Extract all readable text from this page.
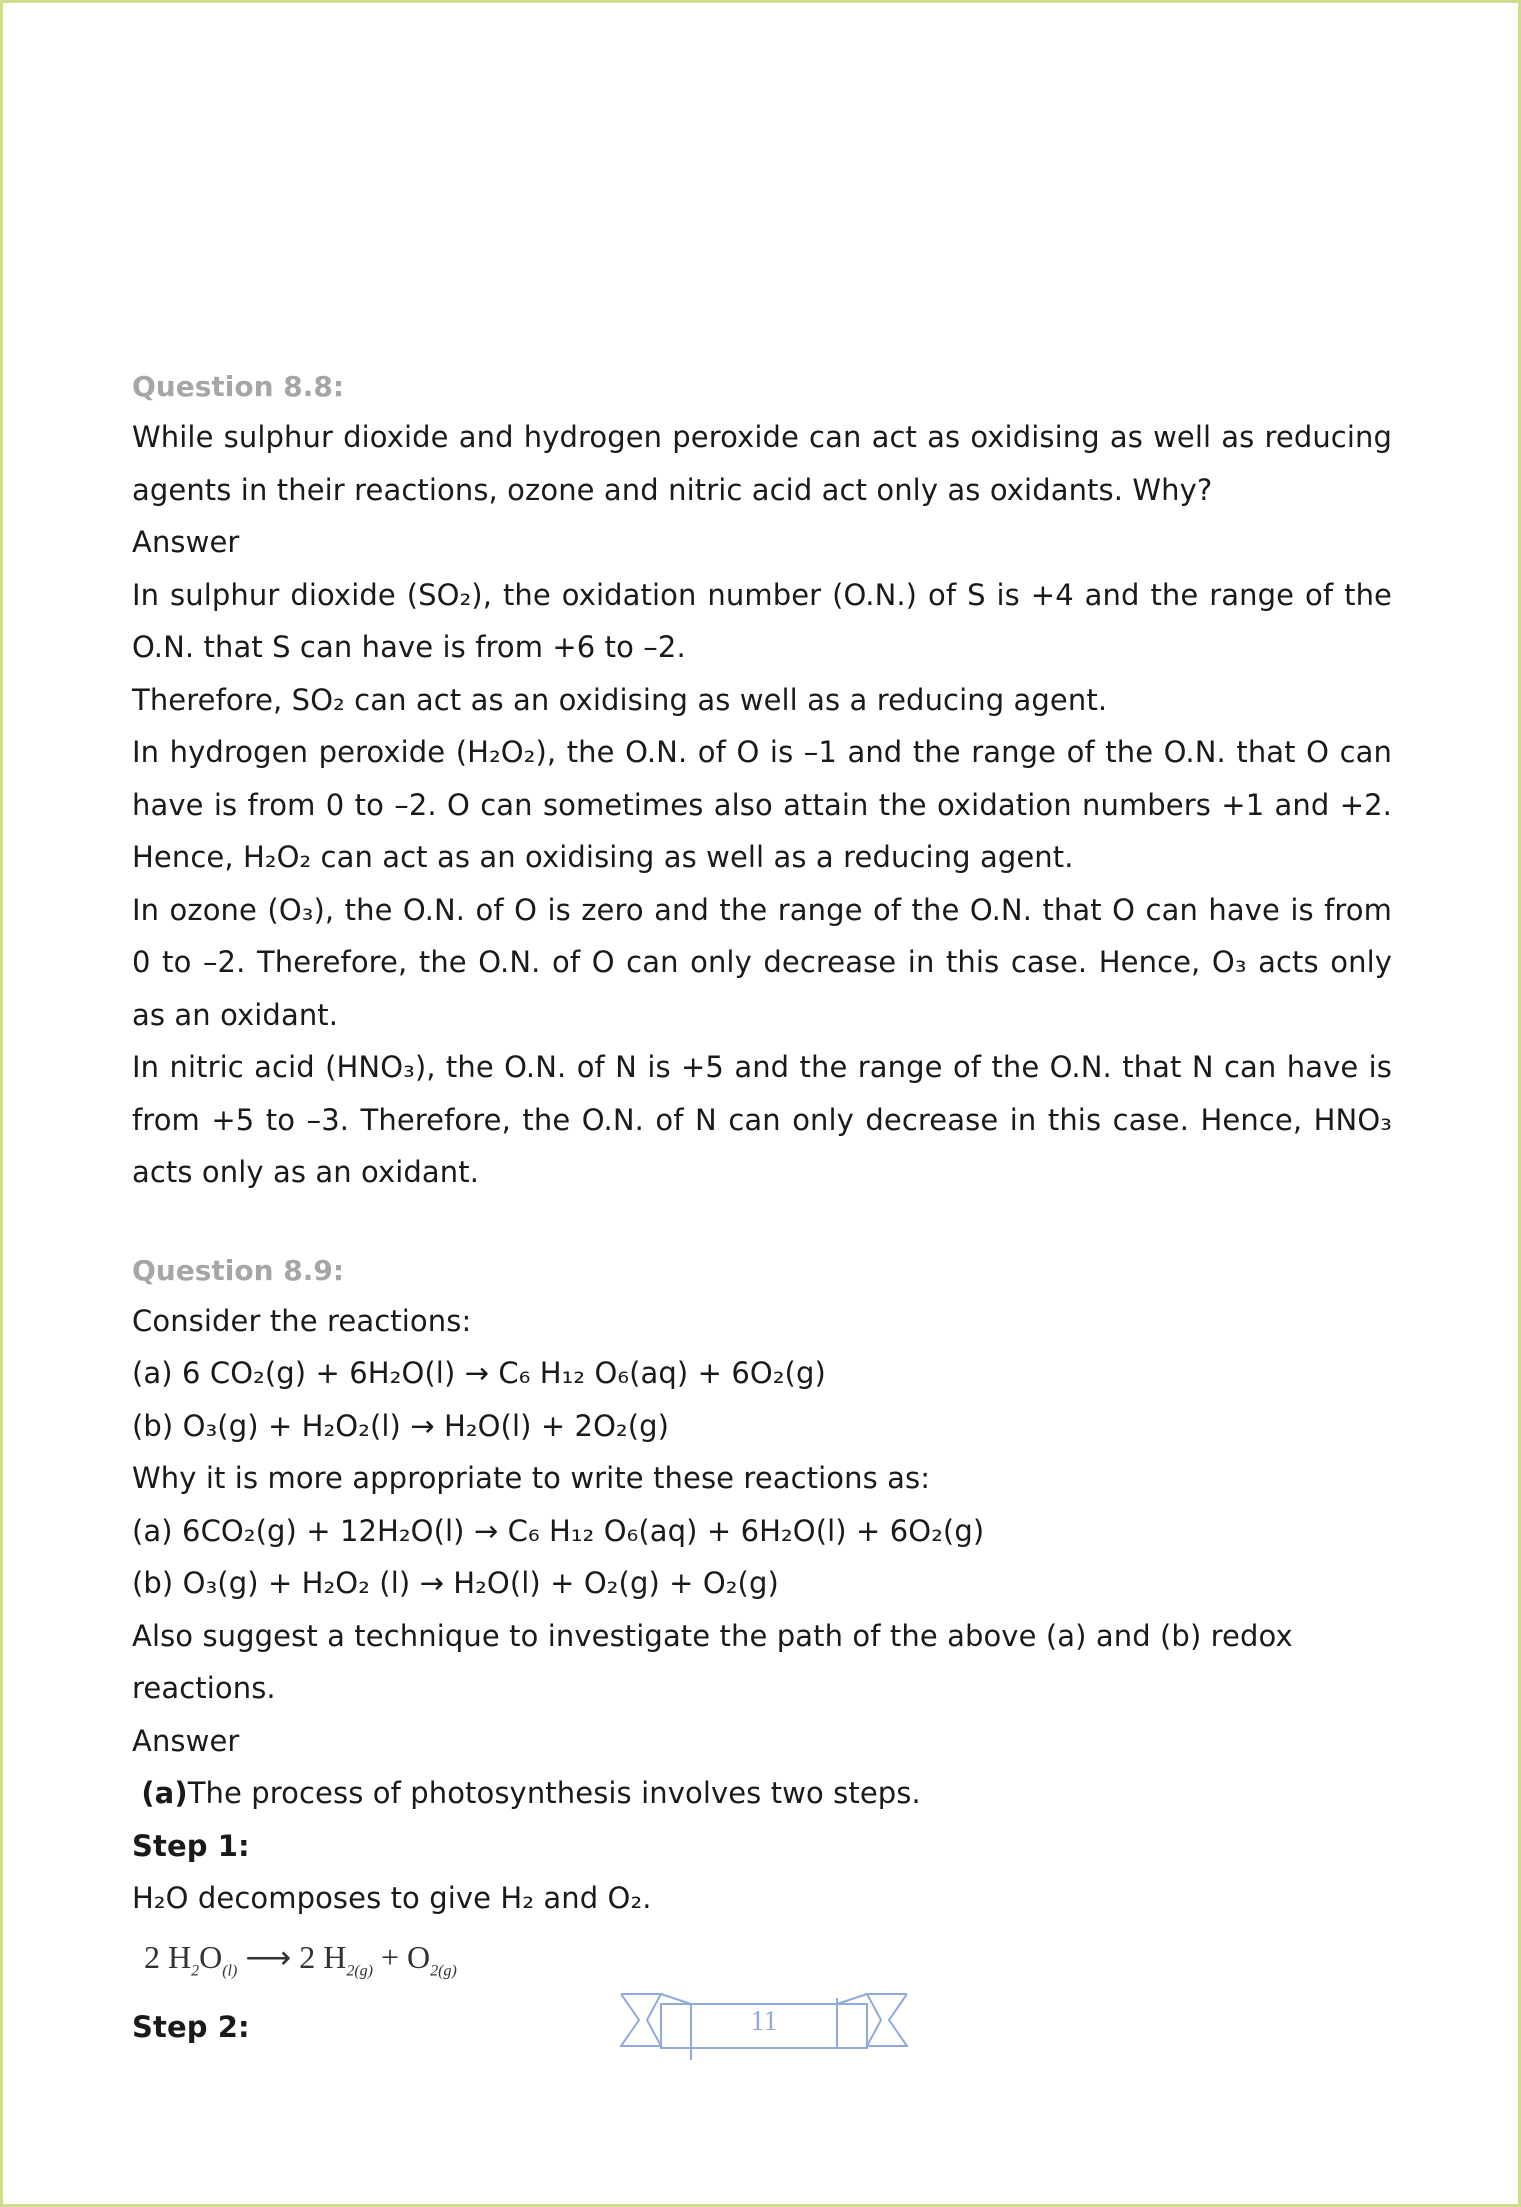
Question 8.8:

While sulphur dioxide and hydrogen peroxide can act as oxidising as well as reducing agents in their reactions, ozone and nitric acid act only as oxidants. Why?

Answer

In sulphur dioxide (SO₂), the oxidation number (O.N.) of S is +4 and the range of the O.N. that S can have is from +6 to –2.

Therefore, SO₂ can act as an oxidising as well as a reducing agent.

In hydrogen peroxide (H₂O₂), the O.N. of O is –1 and the range of the O.N. that O can have is from 0 to –2. O can sometimes also attain the oxidation numbers +1 and +2. Hence, H₂O₂ can act as an oxidising as well as a reducing agent.

In ozone (O₃), the O.N. of O is zero and the range of the O.N. that O can have is from 0 to –2. Therefore, the O.N. of O can only decrease in this case. Hence, O₃ acts only as an oxidant.

In nitric acid (HNO₃), the O.N. of N is +5 and the range of the O.N. that N can have is from +5 to –3. Therefore, the O.N. of N can only decrease in this case. Hence, HNO₃ acts only as an oxidant.

Question 8.9:

Consider the reactions:

(a) 6 CO₂(g) + 6H₂O(l) → C₆ H₁₂ O₆(aq) + 6O₂(g)

(b) O₃(g) + H₂O₂(l) → H₂O(l) + 2O₂(g)

Why it is more appropriate to write these reactions as:

(a) 6CO₂(g) + 12H₂O(l) → C₆ H₁₂ O₆(aq) + 6H₂O(l) + 6O₂(g)

(b) O₃(g) + H₂O₂ (l) → H₂O(l) + O₂(g) + O₂(g)

Also suggest a technique to investigate the path of the above (a) and (b) redox reactions.

Answer

(a)The process of photosynthesis involves two steps.

Step 1:

H₂O decomposes to give H₂ and O₂.

2 $H_2O_{(l)}$ ⟶ 2 $H_{2(g)} + O_{2(g)}$

Step 2:	11
